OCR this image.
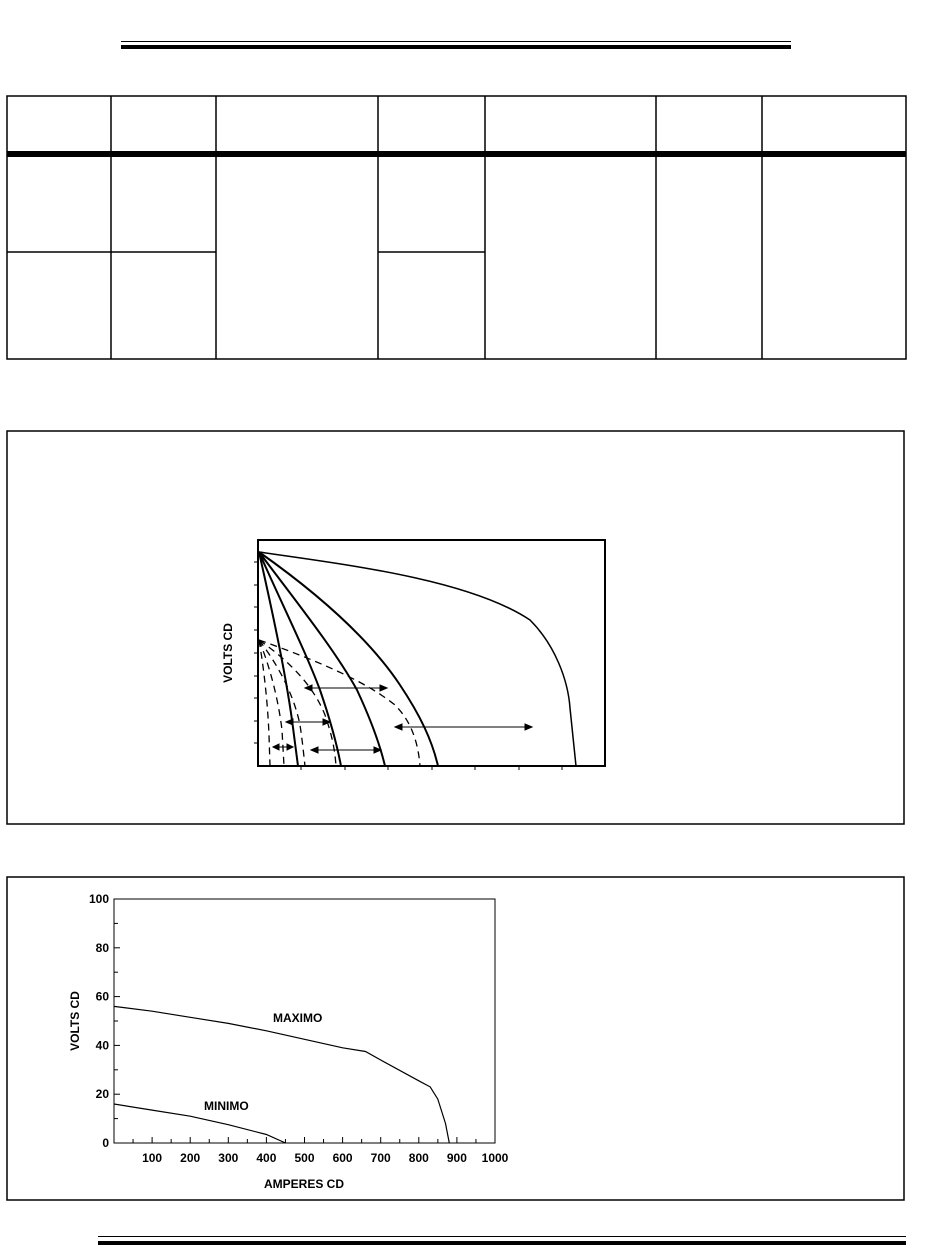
VOLTS CD
VOLTS CD
AMPERES CD
MAXIMO
MINIMO
0
20
40
60
80
100
100 200 300 400 500 600 700 800 900 1000
